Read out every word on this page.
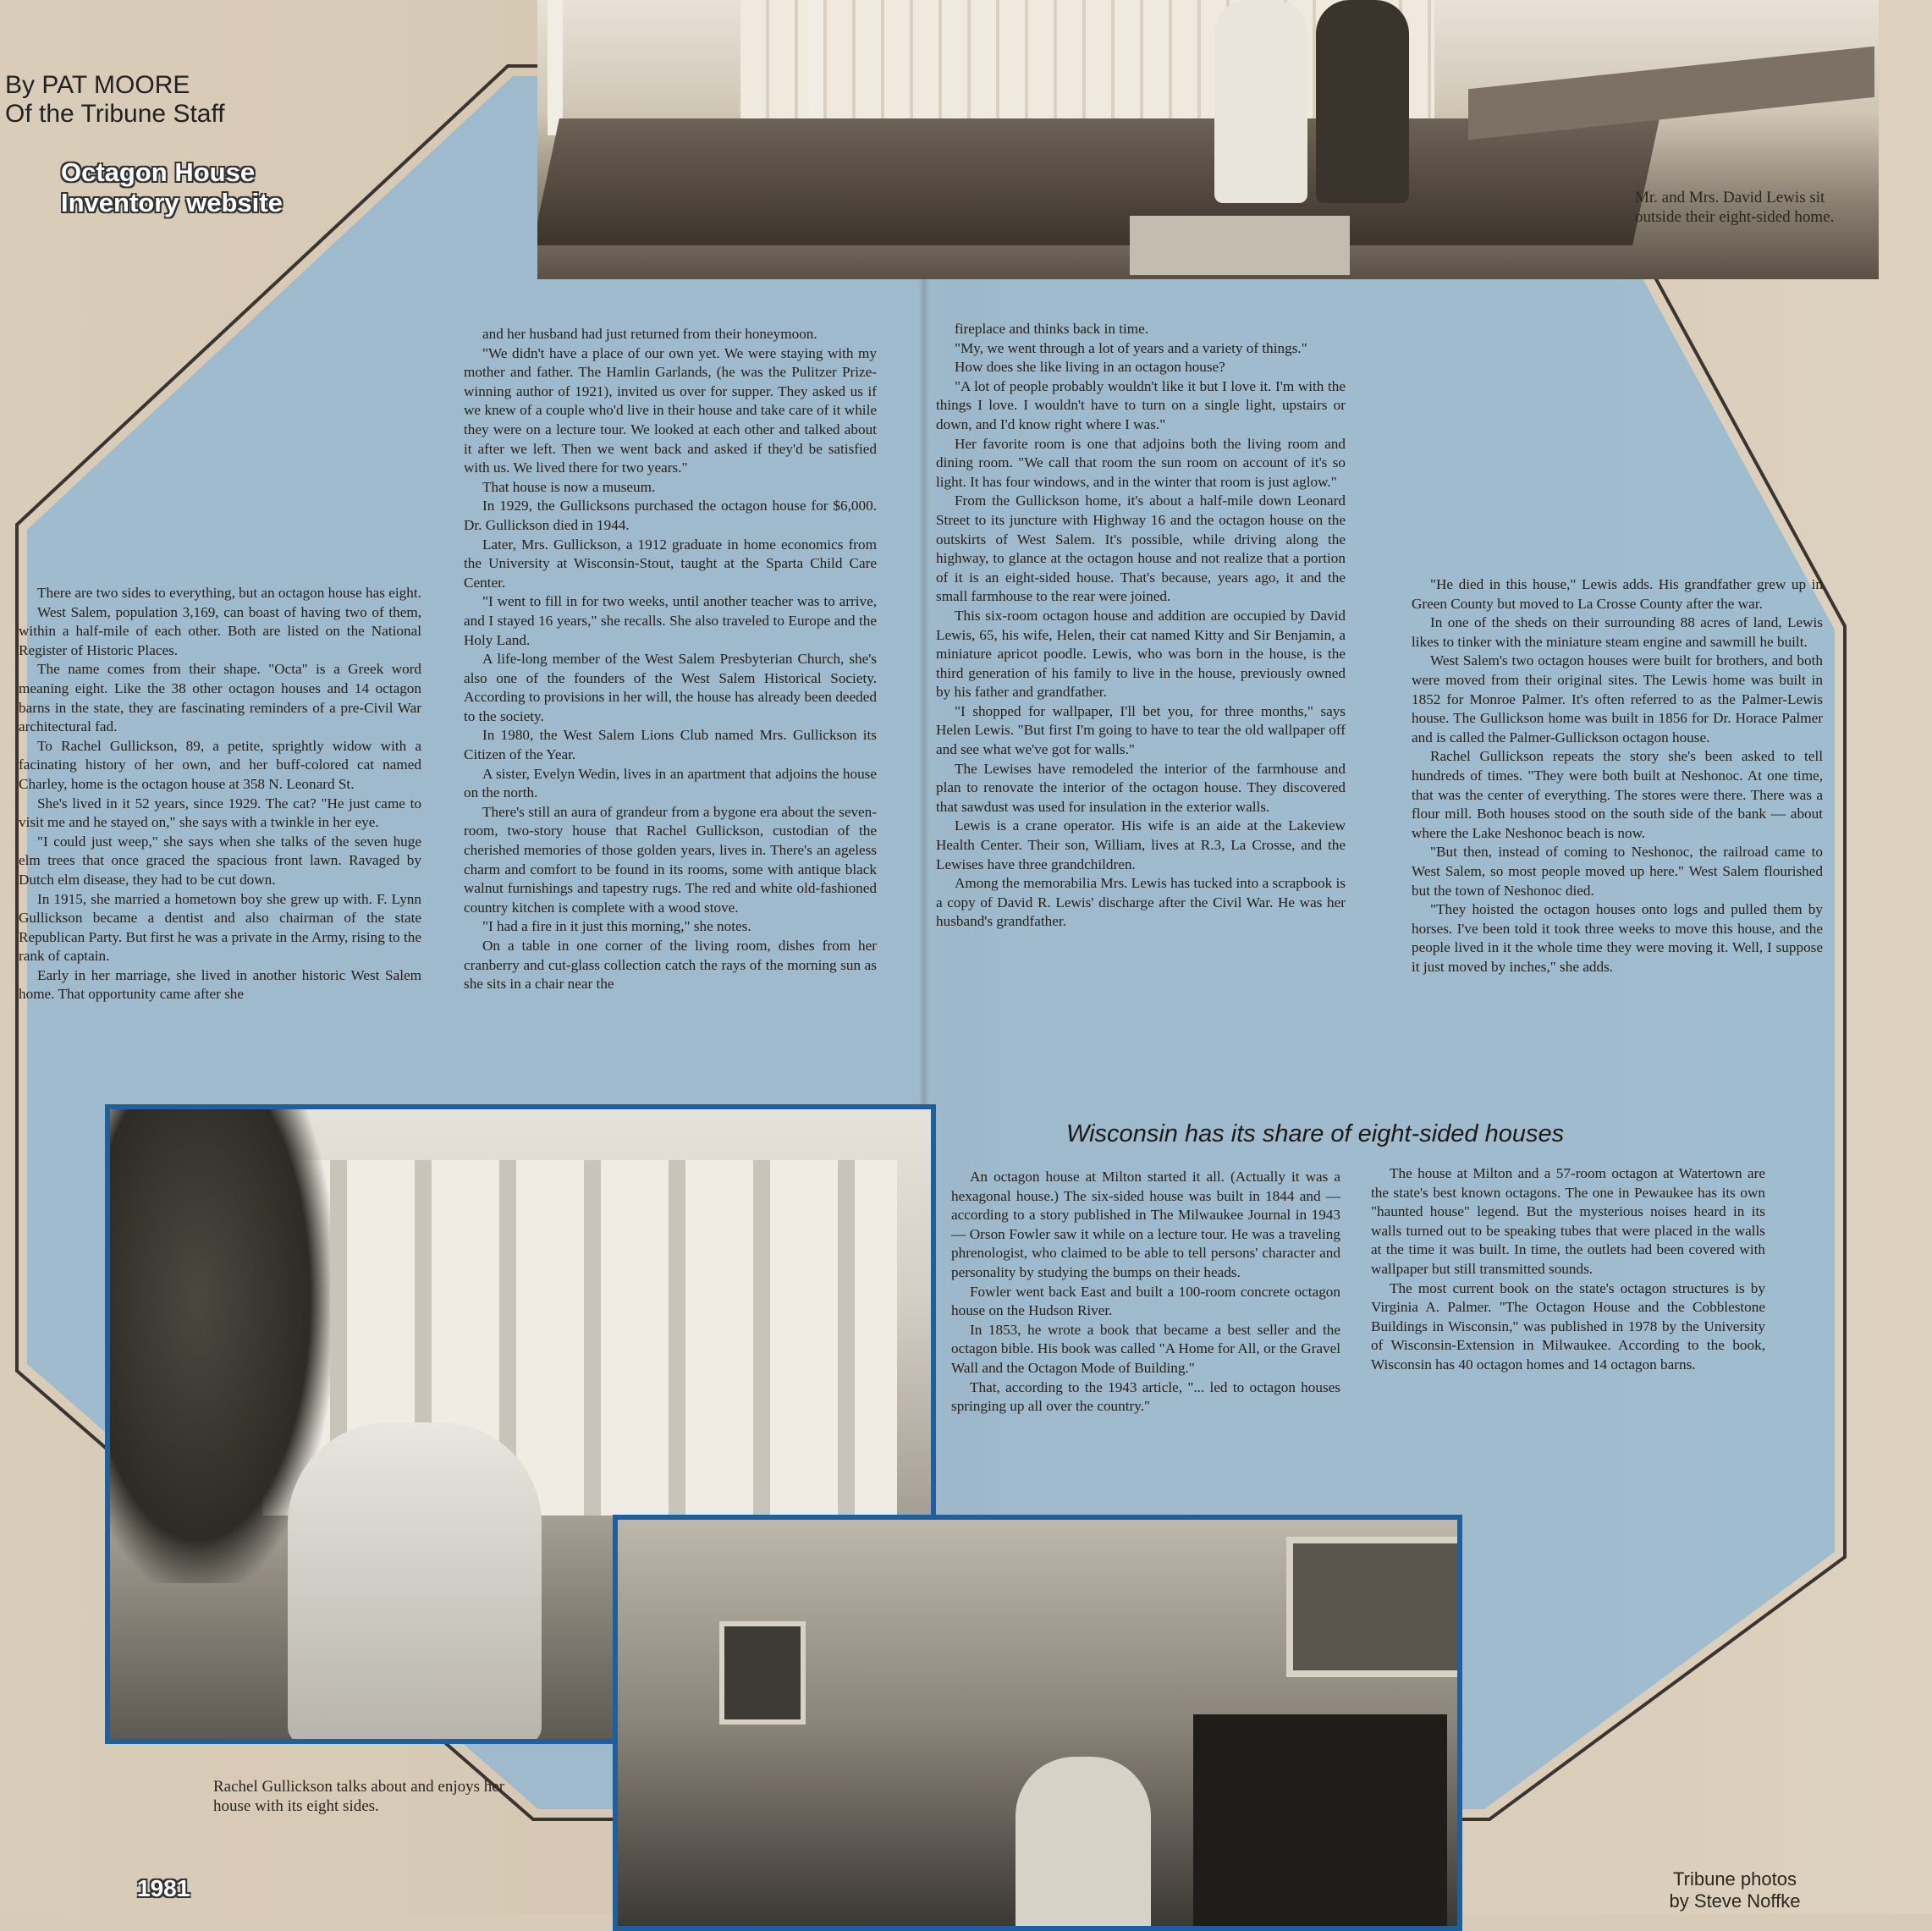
By PAT MOORE
Of the Tribune Staff
Octagon House
Inventory website	Mr. and Mrs. David Lewis sit outside their eight-sided home.

There are two sides to everything, but an octagon house has eight.

West Salem, population 3,169, can boast of having two of them, within a half-mile of each other. Both are listed on the National Register of Historic Places.

The name comes from their shape. "Octa" is a Greek word meaning eight. Like the 38 other octagon houses and 14 octagon barns in the state, they are fascinating reminders of a pre-Civil War architectural fad.

To Rachel Gullickson, 89, a petite, sprightly widow with a facinating history of her own, and her buff-colored cat named Charley, home is the octagon house at 358 N. Leonard St.

She's lived in it 52 years, since 1929. The cat? "He just came to visit me and he stayed on," she says with a twinkle in her eye.

"I could just weep," she says when she talks of the seven huge elm trees that once graced the spacious front lawn. Ravaged by Dutch elm disease, they had to be cut down.

In 1915, she married a hometown boy she grew up with. F. Lynn Gullickson became a dentist and also chairman of the state Republican Party. But first he was a private in the Army, rising to the rank of captain.

Early in her marriage, she lived in another historic West Salem home. That opportunity came after she

and her husband had just returned from their honeymoon.

"We didn't have a place of our own yet. We were staying with my mother and father. The Hamlin Garlands, (he was the Pulitzer Prize-winning author of 1921), invited us over for supper. They asked us if we knew of a couple who'd live in their house and take care of it while they were on a lecture tour. We looked at each other and talked about it after we left. Then we went back and asked if they'd be satisfied with us. We lived there for two years."

That house is now a museum.

In 1929, the Gullicksons purchased the octagon house for $6,000. Dr. Gullickson died in 1944.

Later, Mrs. Gullickson, a 1912 graduate in home economics from the University at Wisconsin-Stout, taught at the Sparta Child Care Center.

"I went to fill in for two weeks, until another teacher was to arrive, and I stayed 16 years," she recalls. She also traveled to Europe and the Holy Land.

A life-long member of the West Salem Presbyterian Church, she's also one of the founders of the West Salem Historical Society. According to provisions in her will, the house has already been deeded to the society.

In 1980, the West Salem Lions Club named Mrs. Gullickson its Citizen of the Year.

A sister, Evelyn Wedin, lives in an apartment that adjoins the house on the north.

There's still an aura of grandeur from a bygone era about the seven-room, two-story house that Rachel Gullickson, custodian of the cherished memories of those golden years, lives in. There's an ageless charm and comfort to be found in its rooms, some with antique black walnut furnishings and tapestry rugs. The red and white old-fashioned country kitchen is complete with a wood stove.

"I had a fire in it just this morning," she notes.

On a table in one corner of the living room, dishes from her cranberry and cut-glass collection catch the rays of the morning sun as she sits in a chair near the

fireplace and thinks back in time.

"My, we went through a lot of years and a variety of things."

How does she like living in an octagon house?

"A lot of people probably wouldn't like it but I love it. I'm with the things I love. I wouldn't have to turn on a single light, upstairs or down, and I'd know right where I was."

Her favorite room is one that adjoins both the living room and dining room. "We call that room the sun room on account of it's so light. It has four windows, and in the winter that room is just aglow."

From the Gullickson home, it's about a half-mile down Leonard Street to its juncture with Highway 16 and the octagon house on the outskirts of West Salem. It's possible, while driving along the highway, to glance at the octagon house and not realize that a portion of it is an eight-sided house. That's because, years ago, it and the small farmhouse to the rear were joined.

This six-room octagon house and addition are occupied by David Lewis, 65, his wife, Helen, their cat named Kitty and Sir Benjamin, a miniature apricot poodle. Lewis, who was born in the house, is the third generation of his family to live in the house, previously owned by his father and grandfather.

"I shopped for wallpaper, I'll bet you, for three months," says Helen Lewis. "But first I'm going to have to tear the old wallpaper off and see what we've got for walls."

The Lewises have remodeled the interior of the farmhouse and plan to renovate the interior of the octagon house. They discovered that sawdust was used for insulation in the exterior walls.

Lewis is a crane operator. His wife is an aide at the Lakeview Health Center. Their son, William, lives at R.3, La Crosse, and the Lewises have three grandchildren.

Among the memorabilia Mrs. Lewis has tucked into a scrapbook is a copy of David R. Lewis' discharge after the Civil War. He was her husband's grandfather.

"He died in this house," Lewis adds. His grandfather grew up in Green County but moved to La Crosse County after the war.

In one of the sheds on their surrounding 88 acres of land, Lewis likes to tinker with the miniature steam engine and sawmill he built.

West Salem's two octagon houses were built for brothers, and both were moved from their original sites. The Lewis home was built in 1852 for Monroe Palmer. It's often referred to as the Palmer-Lewis house. The Gullickson home was built in 1856 for Dr. Horace Palmer and is called the Palmer-Gullickson octagon house.

Rachel Gullickson repeats the story she's been asked to tell hundreds of times. "They were both built at Neshonoc. At one time, that was the center of everything. The stores were there. There was a flour mill. Both houses stood on the south side of the bank — about where the Lake Neshonoc beach is now.

"But then, instead of coming to Neshonoc, the railroad came to West Salem, so most people moved up here." West Salem flourished but the town of Neshonoc died.

"They hoisted the octagon houses onto logs and pulled them by horses. I've been told it took three weeks to move this house, and the people lived in it the whole time they were moving it. Well, I suppose it just moved by inches," she adds.

Wisconsin has its share of eight-sided houses

An octagon house at Milton started it all. (Actually it was a hexagonal house.) The six-sided house was built in 1844 and — according to a story published in The Milwaukee Journal in 1943 — Orson Fowler saw it while on a lecture tour. He was a traveling phrenologist, who claimed to be able to tell persons' character and personality by studying the bumps on their heads.

Fowler went back East and built a 100-room concrete octagon house on the Hudson River.

In 1853, he wrote a book that became a best seller and the octagon bible. His book was called "A Home for All, or the Gravel Wall and the Octagon Mode of Building."

That, according to the 1943 article, "... led to octagon houses springing up all over the country."

The house at Milton and a 57-room octagon at Watertown are the state's best known octagons. The one in Pewaukee has its own "haunted house" legend. But the mysterious noises heard in its walls turned out to be speaking tubes that were placed in the walls at the time it was built. In time, the outlets had been covered with wallpaper but still transmitted sounds.

The most current book on the state's octagon structures is by Virginia A. Palmer. "The Octagon House and the Cobblestone Buildings in Wisconsin," was published in 1978 by the University of Wisconsin-Extension in Milwaukee. According to the book, Wisconsin has 40 octagon homes and 14 octagon barns.

Rachel Gullickson talks about and enjoys her house with its eight sides.
Tribune photos
by Steve Noffke
1981
